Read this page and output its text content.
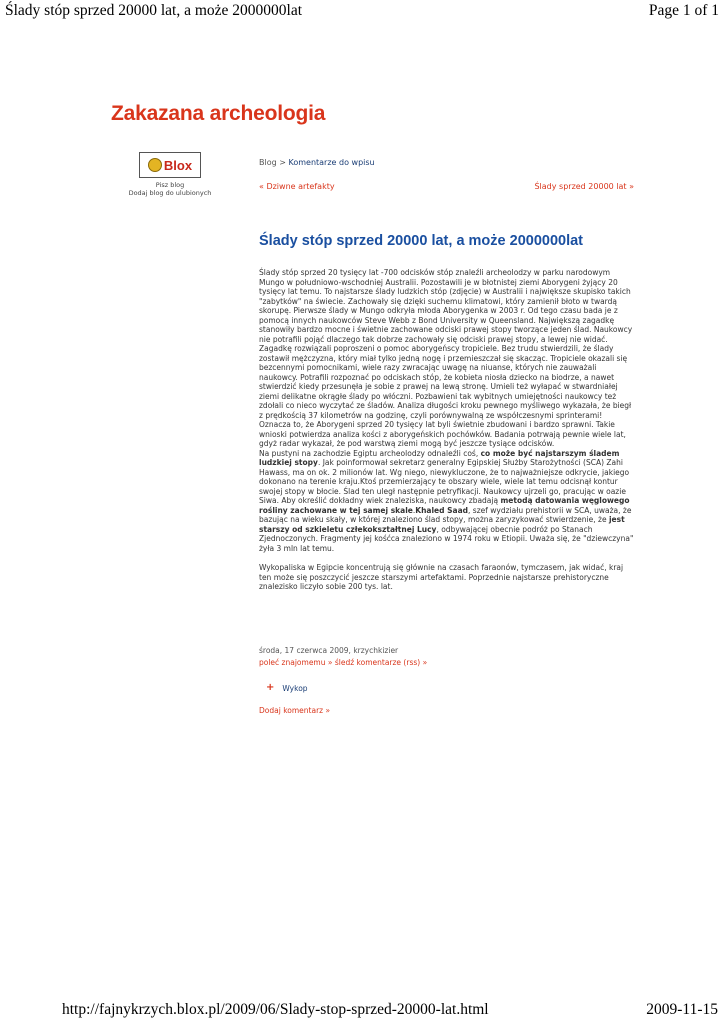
Ślady stóp sprzed 20000 lat, a może 2000000lat	Page 1 of 1
Zakazana archeologia
Blox
Pisz blog
Dodaj blog do ulubionych
Blog > Komentarze do wpisu
« Dziwne artefakty	Ślady sprzed 20000 lat »
Ślady stóp sprzed 20000 lat, a może 2000000lat

Ślady stóp sprzed 20 tysięcy lat -700 odcisków stóp znaleźli archeolodzy w parku narodowym Mungo w południowo-wschodniej Australii. Pozostawili je w błotnistej ziemi Aborygeni żyjący 20 tysięcy lat temu. To najstarsze ślady ludzkich stóp (zdjęcie) w Australii i największe skupisko takich "zabytków" na świecie. Zachowały się dzięki suchemu klimatowi, który zamienił błoto w twardą skorupę. Pierwsze ślady w Mungo odkryła młoda Aborygenka w 2003 r. Od tego czasu bada je z pomocą innych naukowców Steve Webb z Bond University w Queensland. Największą zagadkę stanowiły bardzo mocne i świetnie zachowane odciski prawej stopy tworzące jeden ślad. Naukowcy nie potrafili pojąć dlaczego tak dobrze zachowały się odciski prawej stopy, a lewej nie widać. Zagadkę rozwiązali poproszeni o pomoc aborygeńscy tropiciele. Bez trudu stwierdzili, że ślady zostawił mężczyzna, który miał tylko jedną nogę i przemieszczał się skacząc. Tropiciele okazali się bezcennymi pomocnikami, wiele razy zwracając uwagę na niuanse, których nie zauważali naukowcy. Potrafili rozpoznać po odciskach stóp, że kobieta niosła dziecko na biodrze, a nawet stwierdzić kiedy przesunęła je sobie z prawej na lewą stronę. Umieli też wyłapać w stwardniałej ziemi delikatne okrągłe ślady po włóczni. Pozbawieni tak wybitnych umiejętności naukowcy też zdołali co nieco wyczytać ze śladów. Analiza długości kroku pewnego myśliwego wykazała, że biegł z prędkością 37 kilometrów na godzinę, czyli porównywalną ze współczesnymi sprinterami! Oznacza to, że Aborygeni sprzed 20 tysięcy lat byli świetnie zbudowani i bardzo sprawni. Takie wnioski potwierdza analiza kości z aborygeńskich pochówków. Badania potrwają pewnie wiele lat, gdyż radar wykazał, że pod warstwą ziemi mogą być jeszcze tysiące odcisków.

Na pustyni na zachodzie Egiptu archeolodzy odnaleźli coś, co może być najstarszym śladem ludzkiej stopy. Jak poinformował sekretarz generalny Egipskiej Służby Starożytności (SCA) Zahi Hawass, ma on ok. 2 milionów lat. Wg niego, niewykluczone, że to najważniejsze odkrycie, jakiego dokonano na terenie kraju.Ktoś przemierzający te obszary wiele, wiele lat temu odcisnął kontur swojej stopy w błocie. Ślad ten uległ następnie petryfikacji. Naukowcy ujrzeli go, pracując w oazie Siwa. Aby określić dokładny wiek znaleziska, naukowcy zbadają metodą datowania węglowego rośliny zachowane w tej samej skale.Khaled Saad, szef wydziału prehistorii w SCA, uważa, że bazując na wieku skały, w której znaleziono ślad stopy, można zaryzykować stwierdzenie, że jest starszy od szkieletu człekokształtnej Lucy, odbywającej obecnie podróż po Stanach Zjednoczonych. Fragmenty jej kośćca znaleziono w 1974 roku w Etiopii. Uważa się, że "dziewczyna" żyła 3 mln lat temu.

Wykopaliska w Egipcie koncentrują się głównie na czasach faraonów, tymczasem, jak widać, kraj ten może się poszczycić jeszcze starszymi artefaktami. Poprzednie najstarsze prehistoryczne znalezisko liczyło sobie 200 tys. lat.

środa, 17 czerwca 2009, krzychkizier
poleć znajomemu » śledź komentarze (rss) »
+ Wykop
Dodaj komentarz »
http://fajnykrzych.blox.pl/2009/06/Slady-stop-sprzed-20000-lat.html	2009-11-15
